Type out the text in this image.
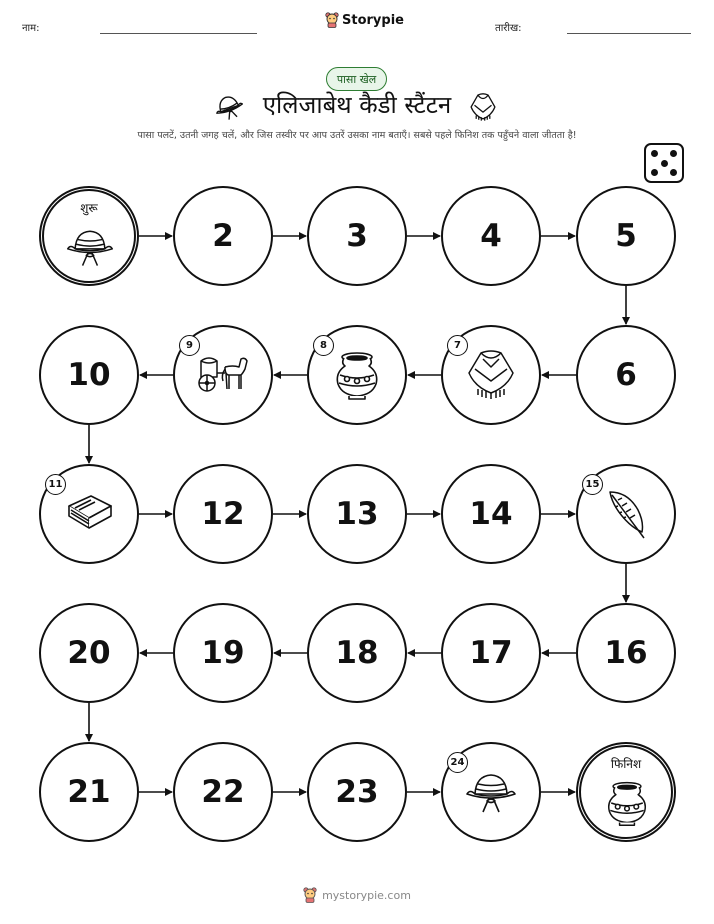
नाम:
Storypie
तारीख:
पासा खेल
एलिजाबेथ कैडी स्टैंटन
पासा पलटें, उतनी जगह चलें, और जिस तस्वीर पर आप उतरें उसका नाम बताएँ। सबसे पहले फिनिश तक पहुँचने वाला जीतता है!
शुरू
2	3	4	5
6
7
8
9
10
11
12	13	14
15
16
17
18
19
20
21	22	23
24	फिनिश
mystorypie.com
